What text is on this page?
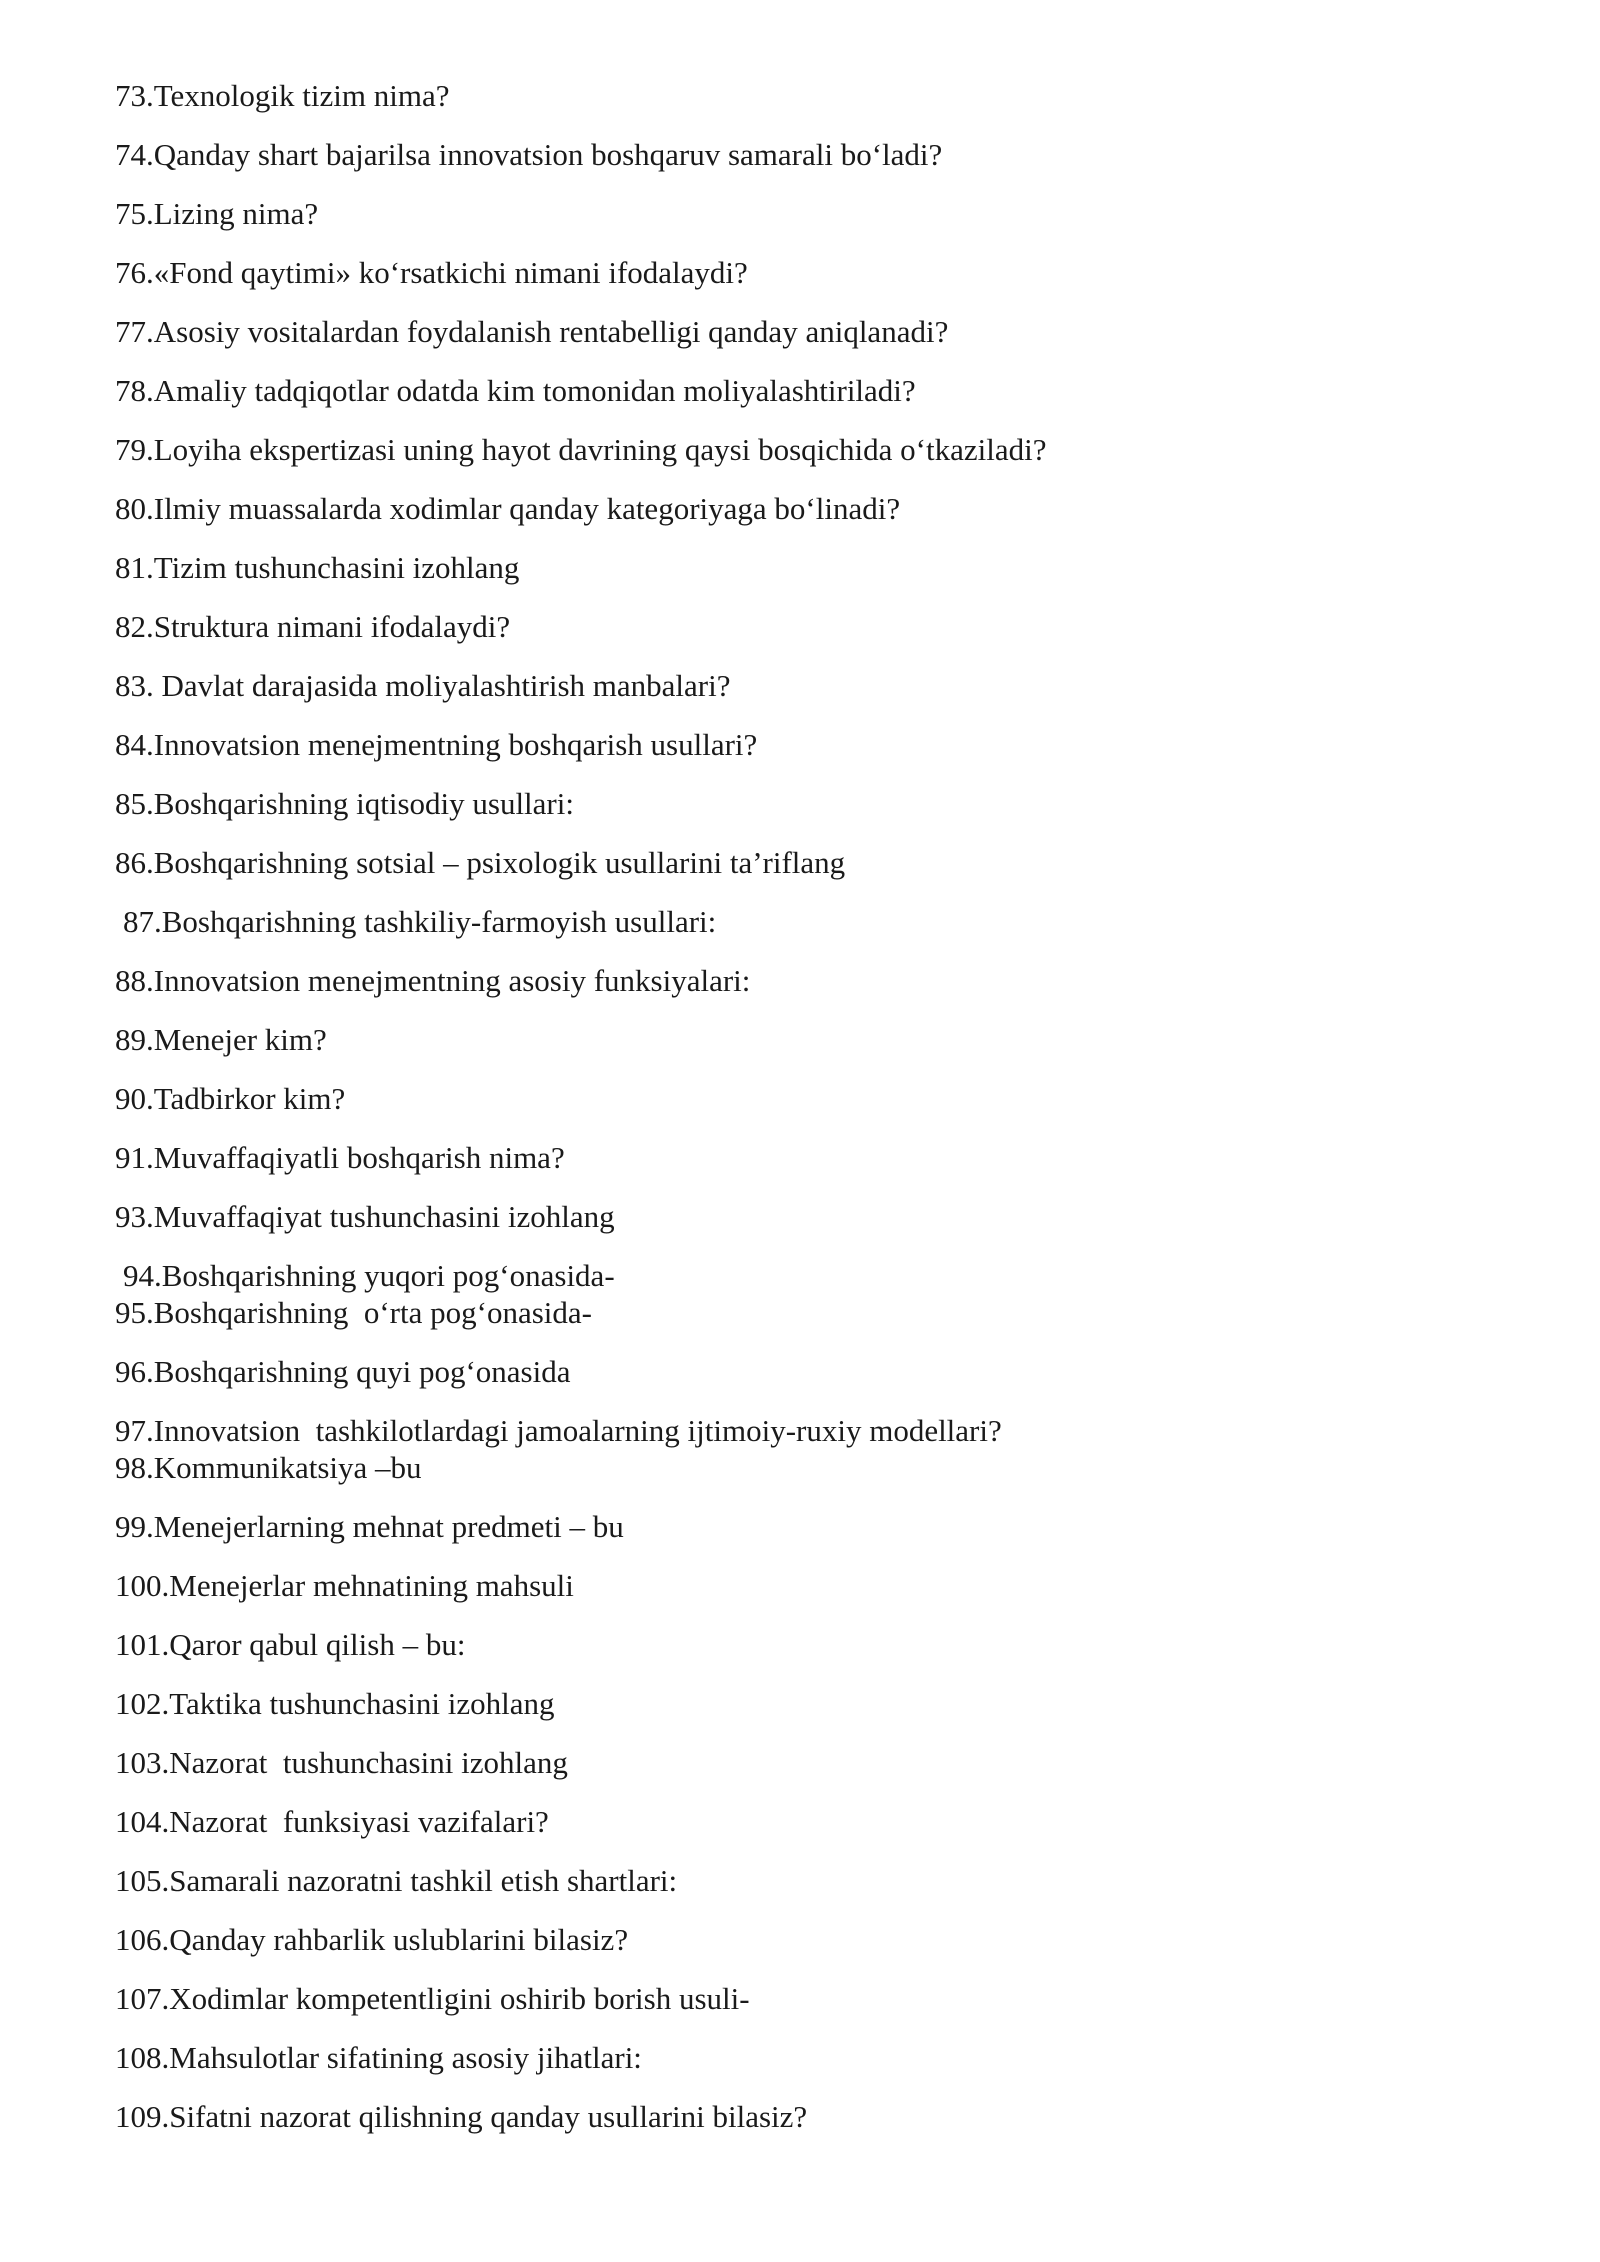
73.Texnologik tizim nima?
74.Qanday shart bajarilsa innovatsion boshqaruv samarali bo‘ladi?
75.Lizing nima?
76.«Fond qaytimi» ko‘rsatkichi nimani ifodalaydi?
77.Asosiy vositalardan foydalanish rentabelligi qanday aniqlanadi?
78.Amaliy tadqiqotlar odatda kim tomonidan moliyalashtiriladi?
79.Loyiha ekspertizasi uning hayot davrining qaysi bosqichida o‘tkaziladi?
80.Ilmiy muassalarda xodimlar qanday kategoriyaga bo‘linadi?
81.Tizim tushunchasini izohlang
82.Struktura nimani ifodalaydi?
83. Davlat darajasida moliyalashtirish manbalari?
84.Innovatsion menejmentning boshqarish usullari?
85.Boshqarishning iqtisodiy usullari:
86.Boshqarishning sotsial – psixologik usullarini ta’riflang
87.Boshqarishning tashkiliy-farmoyish usullari:
88.Innovatsion menejmentning asosiy funksiyalari:
89.Menejer kim?
90.Tadbirkor kim?
91.Muvaffaqiyatli boshqarish nima?
93.Muvaffaqiyat tushunchasini izohlang
94.Boshqarishning yuqori pog‘onasida-
95.Boshqarishning  o‘rta pog‘onasida-
96.Boshqarishning quyi pog‘onasida
97.Innovatsion  tashkilotlardagi jamoalarning ijtimoiy-ruxiy modellari?
98.Kommunikatsiya –bu
99.Menejerlarning mehnat predmeti – bu
100.Menejerlar mehnatining mahsuli
101.Qaror qabul qilish – bu:
102.Taktika tushunchasini izohlang
103.Nazorat  tushunchasini izohlang
104.Nazorat  funksiyasi vazifalari?
105.Samarali nazoratni tashkil etish shartlari:
106.Qanday rahbarlik uslublarini bilasiz?
107.Xodimlar kompetentligini oshirib borish usuli-
108.Mahsulotlar sifatining asosiy jihatlari:
109.Sifatni nazorat qilishning qanday usullarini bilasiz?
